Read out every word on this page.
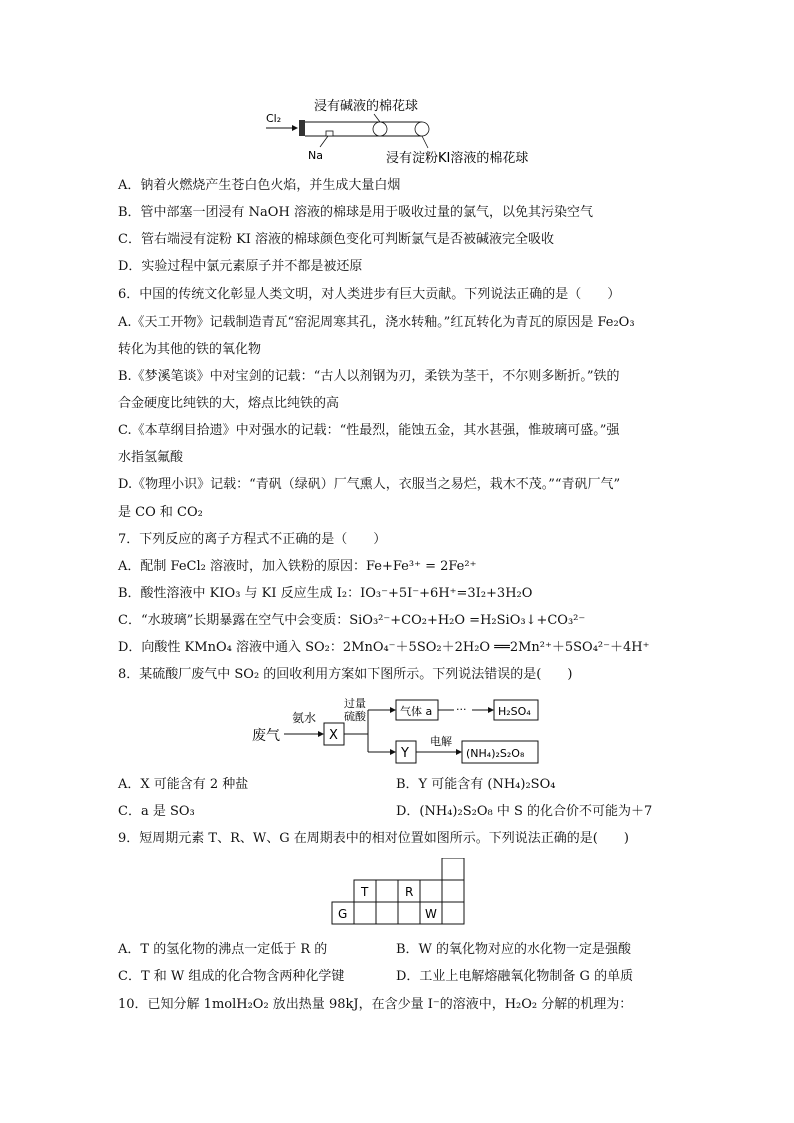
浸有碱液的棉花球
Cl₂
Na	浸有淀粉KI溶液的棉花球
A．钠着火燃烧产生苍白色火焰，并生成大量白烟
B．管中部塞一团浸有 NaOH 溶液的棉球是用于吸收过量的氯气，以免其污染空气
C．管右端浸有淀粉 KI 溶液的棉球颜色变化可判断氯气是否被碱液完全吸收
D．实验过程中氯元素原子并不都是被还原
6．中国的传统文化彰显人类文明，对人类进步有巨大贡献。下列说法正确的是（　　）
A.《天工开物》记载制造青瓦“窑泥周寒其孔，浇水转釉。”红瓦转化为青瓦的原因是 Fe₂O₃
转化为其他的铁的氧化物
B.《梦溪笔谈》中对宝剑的记载：“古人以剂钢为刃，柔铁为茎干，不尔则多断折。”铁的
合金硬度比纯铁的大，熔点比纯铁的高
C.《本草纲目拾遗》中对强水的记载：“性最烈，能蚀五金，其水甚强，惟玻璃可盛。”强
水指氢氟酸
D.《物理小识》记载：“青矾（绿矾）厂气熏人，衣服当之易烂，栽木不茂。”“青矾厂气”
是 CO 和 CO₂
7．下列反应的离子方程式不正确的是（　　）
A．配制 FeCl₂ 溶液时，加入铁粉的原因：Fe+Fe³⁺ = 2Fe²⁺
B．酸性溶液中 KIO₃ 与 KI 反应生成 I₂：IO₃⁻+5I⁻+6H⁺=3I₂+3H₂O
C．“水玻璃”长期暴露在空气中会变质：SiO₃²⁻+CO₂+H₂O =H₂SiO₃↓+CO₃²⁻
D．向酸性 KMnO₄ 溶液中通入 SO₂：2MnO₄⁻＋5SO₂＋2H₂O ══2Mn²⁺＋5SO₄²⁻＋4H⁺
8．某硫酸厂废气中 SO₂ 的回收利用方案如下图所示。下列说法错误的是(　　)
废气
氨水
X
过量
硫酸	气体 a ···	H₂SO₄
Y
电解
(NH₄)₂S₂O₈
A．X 可能含有 2 种盐	B．Y 可能含有 (NH₄)₂SO₄
C．a 是 SO₃	D．(NH₄)₂S₂O₈ 中 S 的化合价不可能为＋7
9．短周期元素 T、R、W、G 在周期表中的相对位置如图所示。下列说法正确的是(　　)
T	R
G	W
A．T 的氢化物的沸点一定低于 R 的	B．W 的氧化物对应的水化物一定是强酸
C．T 和 W 组成的化合物含两种化学键	D．工业上电解熔融氧化物制备 G 的单质
10．已知分解 1molH₂O₂ 放出热量 98kJ，在含少量 I⁻的溶液中，H₂O₂ 分解的机理为：
